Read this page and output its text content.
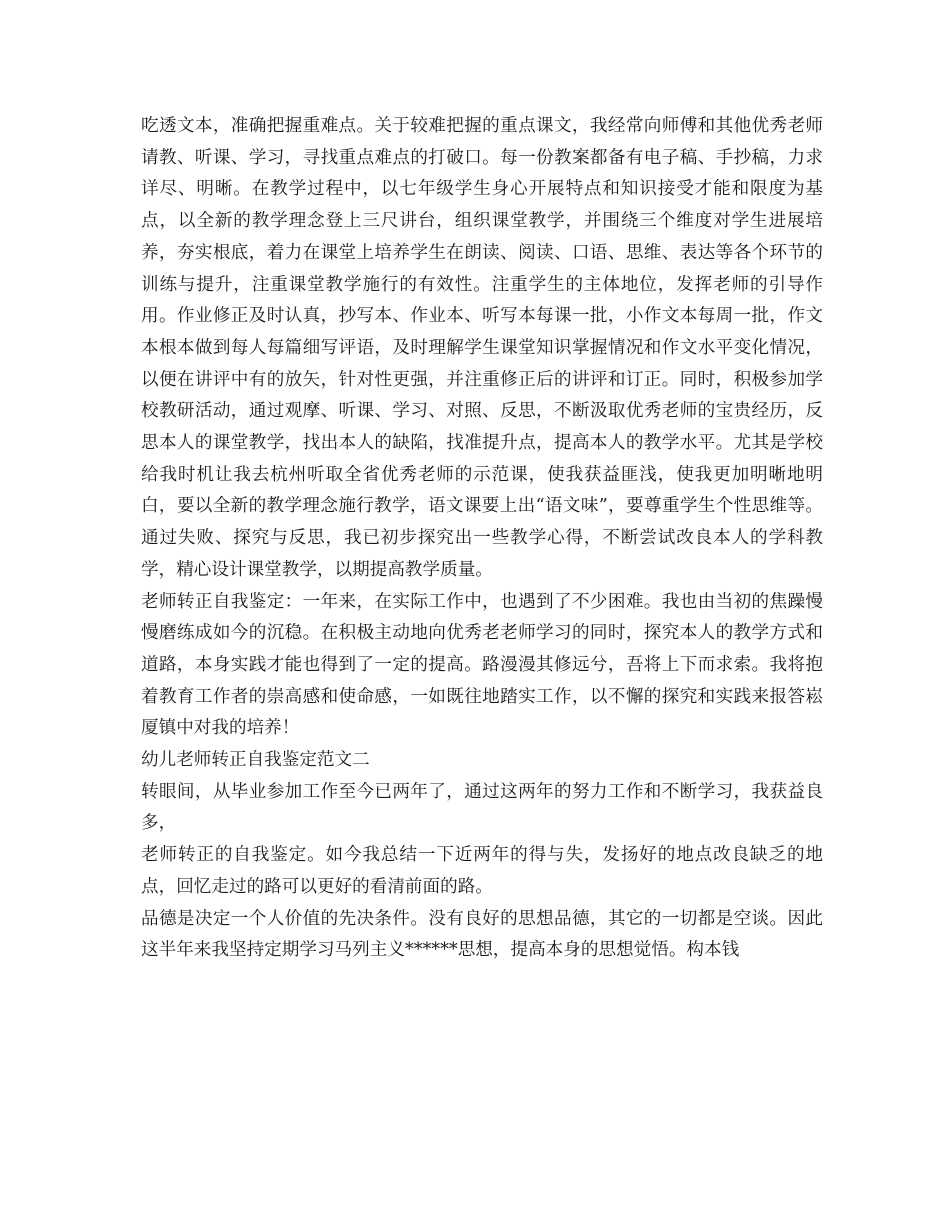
吃透文本，准确把握重难点。关于较难把握的重点课文，我经常向师傅和其他优秀老师请教、听课、学习，寻找重点难点的打破口。每一份教案都备有电子稿、手抄稿，力求详尽、明晰。在教学过程中，以七年级学生身心开展特点和知识接受才能和限度为基点，以全新的教学理念登上三尺讲台，组织课堂教学，并围绕三个维度对学生进展培养，夯实根底，着力在课堂上培养学生在朗读、阅读、口语、思维、表达等各个环节的训练与提升，注重课堂教学施行的有效性。注重学生的主体地位，发挥老师的引导作用。作业修正及时认真，抄写本、作业本、听写本每课一批，小作文本每周一批，作文本根本做到每人每篇细写评语，及时理解学生课堂知识掌握情况和作文水平变化情况，以便在讲评中有的放矢，针对性更强，并注重修正后的讲评和订正。同时，积极参加学校教研活动，通过观摩、听课、学习、对照、反思，不断汲取优秀老师的宝贵经历，反思本人的课堂教学，找出本人的缺陷，找准提升点，提高本人的教学水平。尤其是学校给我时机让我去杭州听取全省优秀老师的示范课，使我获益匪浅，使我更加明晰地明白，要以全新的教学理念施行教学，语文课要上出“语文味”，要尊重学生个性思维等。通过失败、探究与反思，我已初步探究出一些教学心得，不断尝试改良本人的学科教学，精心设计课堂教学，以期提高教学质量。

老师转正自我鉴定：一年来，在实际工作中，也遇到了不少困难。我也由当初的焦躁慢慢磨练成如今的沉稳。在积极主动地向优秀老老师学习的同时，探究本人的教学方式和道路，本身实践才能也得到了一定的提高。路漫漫其修远兮，吾将上下而求索。我将抱着教育工作者的崇高感和使命感，一如既往地踏实工作，以不懈的探究和实践来报答崧厦镇中对我的培养！

幼儿老师转正自我鉴定范文二

转眼间，从毕业参加工作至今已两年了，通过这两年的努力工作和不断学习，我获益良多，

老师转正的自我鉴定。如今我总结一下近两年的得与失，发扬好的地点改良缺乏的地点，回忆走过的路可以更好的看清前面的路。

品德是决定一个人价值的先决条件。没有良好的思想品德，其它的一切都是空谈。因此这半年来我坚持定期学习马列主义******思想，提高本身的思想觉悟。构本钱
